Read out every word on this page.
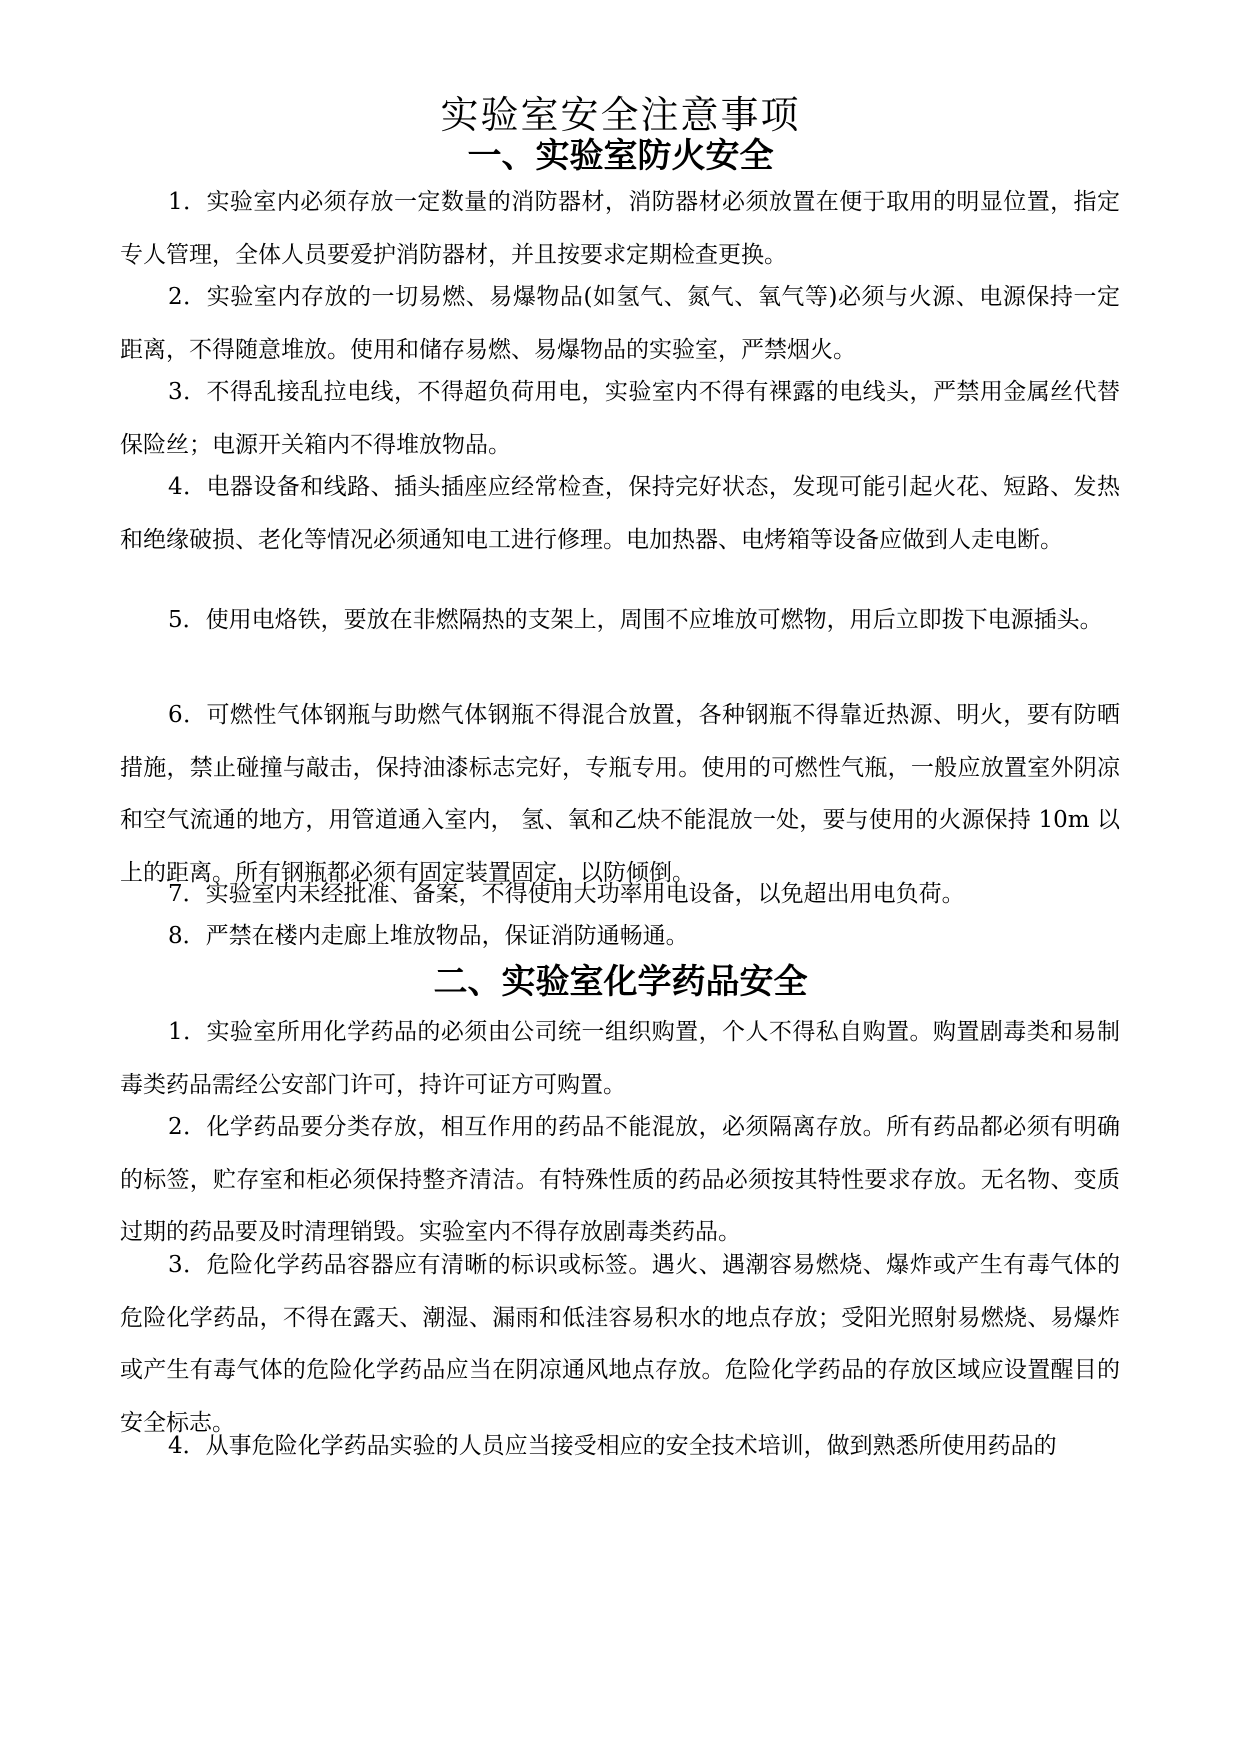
实验室安全注意事项
一、实验室防火安全

1．实验室内必须存放一定数量的消防器材，消防器材必须放置在便于取用的明显位置，指定专人管理，全体人员要爱护消防器材，并且按要求定期检查更换。

2．实验室内存放的一切易燃、易爆物品(如氢气、氮气、氧气等)必须与火源、电源保持一定距离，不得随意堆放。使用和储存易燃、易爆物品的实验室，严禁烟火。

3．不得乱接乱拉电线，不得超负荷用电，实验室内不得有裸露的电线头，严禁用金属丝代替保险丝；电源开关箱内不得堆放物品。

4．电器设备和线路、插头插座应经常检查，保持完好状态，发现可能引起火花、短路、发热和绝缘破损、老化等情况必须通知电工进行修理。电加热器、电烤箱等设备应做到人走电断。

5．使用电烙铁，要放在非燃隔热的支架上，周围不应堆放可燃物，用后立即拨下电源插头。

6．可燃性气体钢瓶与助燃气体钢瓶不得混合放置，各种钢瓶不得靠近热源、明火，要有防晒措施，禁止碰撞与敲击，保持油漆标志完好，专瓶专用。使用的可燃性气瓶，一般应放置室外阴凉和空气流通的地方，用管道通入室内， 氢、氧和乙炔不能混放一处，要与使用的火源保持 10m 以上的距离。所有钢瓶都必须有固定装置固定，以防倾倒。

7．实验室内未经批准、备案，不得使用大功率用电设备，以免超出用电负荷。

8．严禁在楼内走廊上堆放物品，保证消防通畅通。

二、实验室化学药品安全

1．实验室所用化学药品的必须由公司统一组织购置，个人不得私自购置。购置剧毒类和易制毒类药品需经公安部门许可，持许可证方可购置。

2．化学药品要分类存放，相互作用的药品不能混放，必须隔离存放。所有药品都必须有明确的标签，贮存室和柜必须保持整齐清洁。有特殊性质的药品必须按其特性要求存放。无名物、变质过期的药品要及时清理销毁。实验室内不得存放剧毒类药品。

3．危险化学药品容器应有清晰的标识或标签。遇火、遇潮容易燃烧、爆炸或产生有毒气体的危险化学药品，不得在露天、潮湿、漏雨和低洼容易积水的地点存放；受阳光照射易燃烧、易爆炸或产生有毒气体的危险化学药品应当在阴凉通风地点存放。危险化学药品的存放区域应设置醒目的安全标志。

4．从事危险化学药品实验的人员应当接受相应的安全技术培训，做到熟悉所使用药品的
